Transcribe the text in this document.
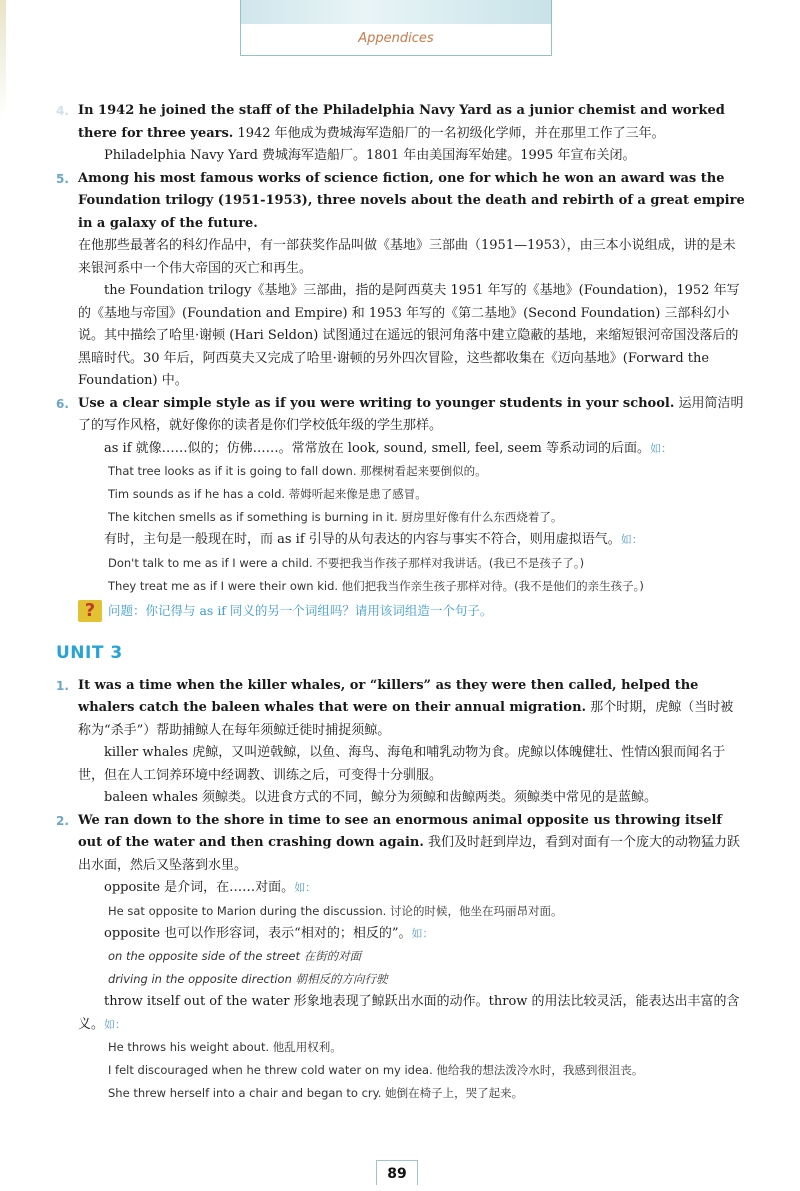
Appendices
4. In 1942 he joined the staff of the Philadelphia Navy Yard as a junior chemist and worked there for three years. 1942 年他成为费城海军造船厂的一名初级化学师，并在那里工作了三年。

Philadelphia Navy Yard 费城海军造船厂。1801 年由美国海军始建。1995 年宣布关闭。

5. Among his most famous works of science fiction, one for which he won an award was the Foundation trilogy (1951-1953), three novels about the death and rebirth of a great empire in a galaxy of the future.

在他那些最著名的科幻作品中，有一部获奖作品叫做《基地》三部曲（1951—1953），由三本小说组成，讲的是未来银河系中一个伟大帝国的灭亡和再生。

the Foundation trilogy《基地》三部曲，指的是阿西莫夫 1951 年写的《基地》(Foundation)，1952 年写的《基地与帝国》(Foundation and Empire) 和 1953 年写的《第二基地》(Second Foundation) 三部科幻小说。其中描绘了哈里·谢顿 (Hari Seldon) 试图通过在遥远的银河角落中建立隐蔽的基地，来缩短银河帝国没落后的黑暗时代。30 年后，阿西莫夫又完成了哈里·谢顿的另外四次冒险，这些都收集在《迈向基地》(Forward the Foundation) 中。

6. Use a clear simple style as if you were writing to younger students in your school. 运用简洁明了的写作风格，就好像你的读者是你们学校低年级的学生那样。

as if 就像……似的；仿佛……。常常放在 look, sound, smell, feel, seem 等系动词的后面。如：

That tree looks as if it is going to fall down. 那棵树看起来要倒似的。

Tim sounds as if he has a cold. 蒂姆听起来像是患了感冒。

The kitchen smells as if something is burning in it. 厨房里好像有什么东西烧着了。

有时，主句是一般现在时，而 as if 引导的从句表达的内容与事实不符合，则用虚拟语气。如：

Don't talk to me as if I were a child. 不要把我当作孩子那样对我讲话。(我已不是孩子了。)

They treat me as if I were their own kid. 他们把我当作亲生孩子那样对待。(我不是他们的亲生孩子。)

?	问题：你记得与 as if 同义的另一个词组吗？请用该词组造一个句子。
UNIT 3
1. It was a time when the killer whales, or “killers” as they were then called, helped the whalers catch the baleen whales that were on their annual migration. 那个时期，虎鲸（当时被称为“杀手”）帮助捕鲸人在每年须鲸迁徙时捕捉须鲸。

killer whales 虎鲸，又叫逆戟鲸，以鱼、海鸟、海龟和哺乳动物为食。虎鲸以体魄健壮、性情凶狠而闻名于世，但在人工饲养环境中经调教、训练之后，可变得十分驯服。

baleen whales 须鲸类。以进食方式的不同，鲸分为须鲸和齿鲸两类。须鲸类中常见的是蓝鲸。

2. We ran down to the shore in time to see an enormous animal opposite us throwing itself out of the water and then crashing down again. 我们及时赶到岸边，看到对面有一个庞大的动物猛力跃出水面，然后又坠落到水里。

opposite 是介词，在……对面。如：

He sat opposite to Marion during the discussion. 讨论的时候，他坐在玛丽昂对面。

opposite 也可以作形容词，表示“相对的；相反的”。如：

on the opposite side of the street 在街的对面

driving in the opposite direction 朝相反的方向行驶

throw itself out of the water 形象地表现了鲸跃出水面的动作。throw 的用法比较灵活，能表达出丰富的含义。如：

He throws his weight about. 他乱用权利。

I felt discouraged when he threw cold water on my idea. 他给我的想法泼冷水时，我感到很沮丧。

She threw herself into a chair and began to cry. 她倒在椅子上，哭了起来。

89
